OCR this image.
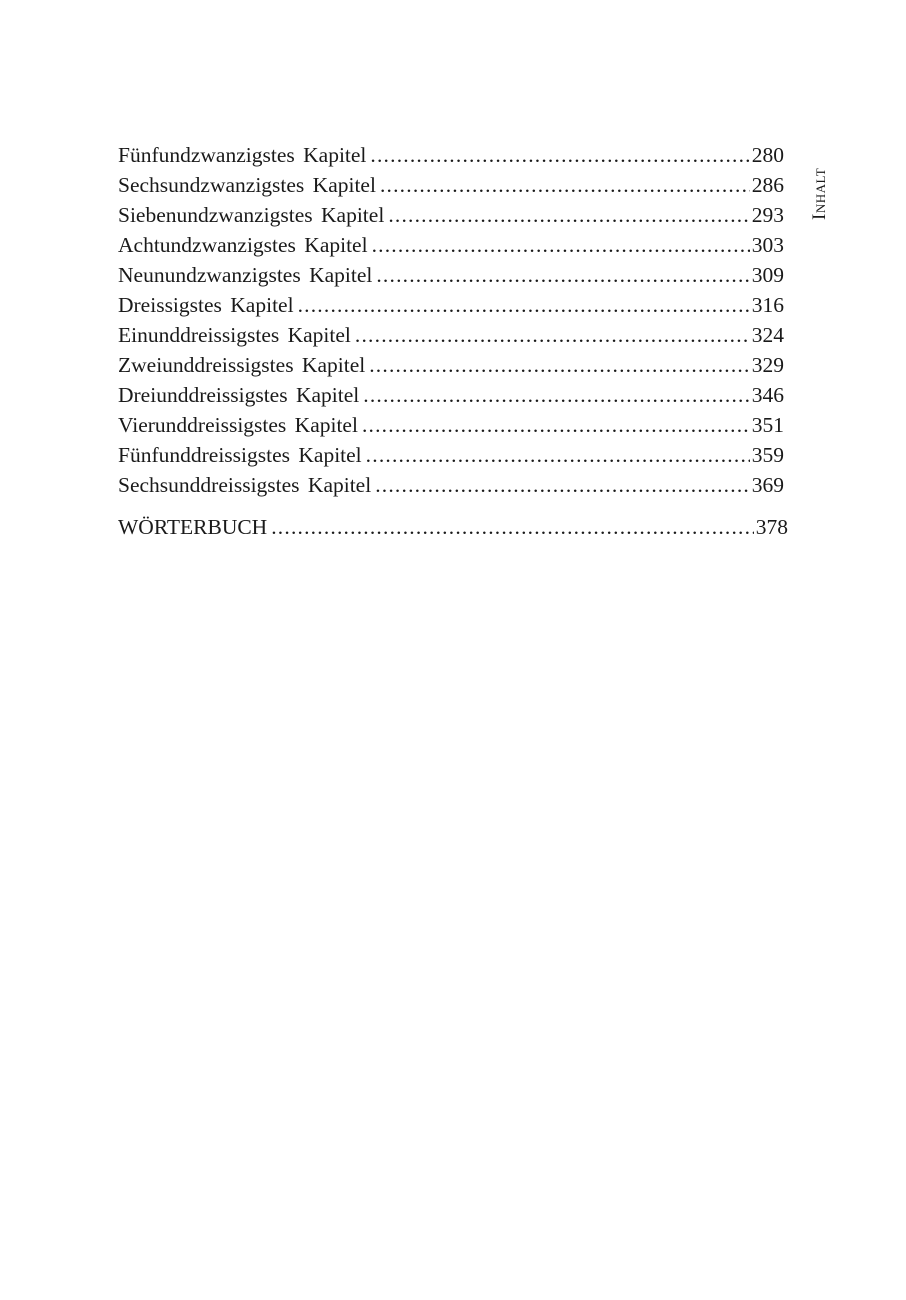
Inhalt
Fünfundzwanzigstes Kapitel .....	280
Sechsundzwanzigstes Kapitel .....	286
Siebenundzwanzigstes Kapitel .....	293
Achtundzwanzigstes Kapitel .....	303
Neunundzwanzigstes Kapitel .....	309
Dreissigstes Kapitel .....	316
Einunddreissigstes Kapitel .....	324
Zweiunddreissigstes Kapitel .....	329
Dreiunddreissigstes Kapitel .....	346
Vierunddreissigstes Kapitel .....	351
Fünfunddreissigstes Kapitel .....	359
Sechsunddreissigstes Kapitel .....	369
WÖRTERBUCH .....	378
